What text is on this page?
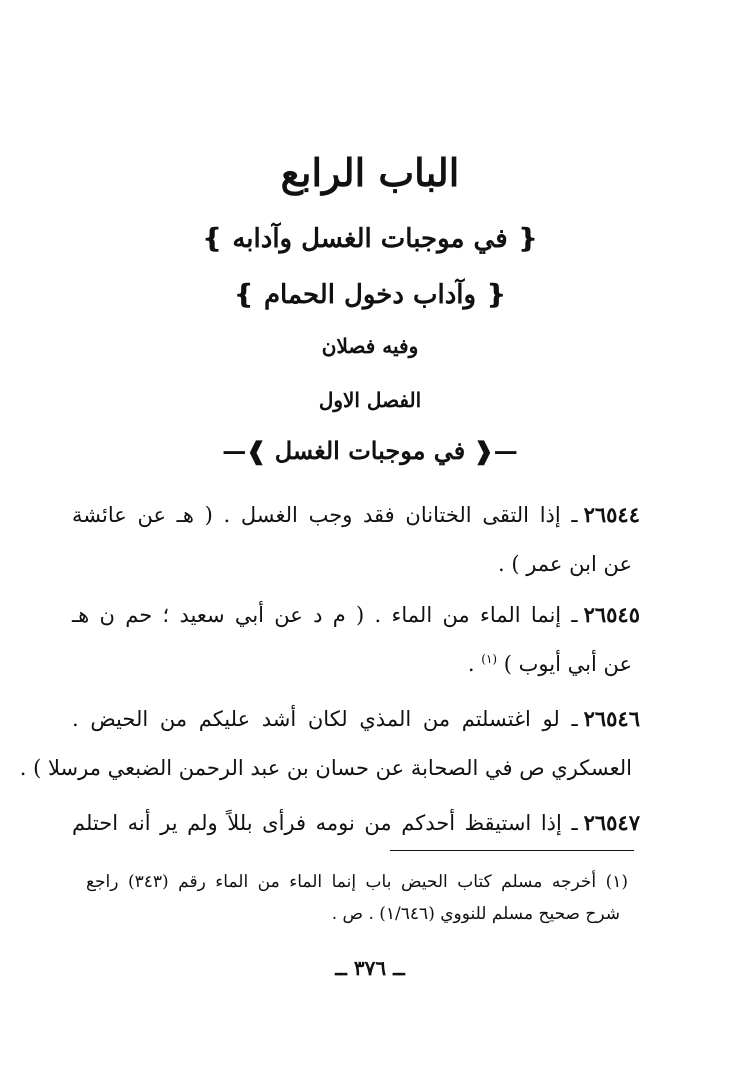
الباب الرابع
❴ في موجبات الغسل وآدابه ❵
❴ وآداب دخول الحمام ❵
وفيه فصلان
الفصل الاول
—❰ في موجبات الغسل ❱—
٢٦٥٤٤ـ إذا التقى الختانان فقد وجب الغسل . ( هـ عن عائشة
عن ابن عمر ) .
٢٦٥٤٥ـ إنما الماء من الماء . ( م د عن أبي سعيد ؛ حم ن هـ
عن أبي أيوب ) $^{(١)}$ .
٢٦٥٤٦ـ لو اغتسلتم من المذي لكان أشد عليكم من الحيض .
العسكري ص في الصحابة عن حسان بن عبد الرحمن الضبعي مرسلا ) .
٢٦٥٤٧ـ إذا استيقظ أحدكم من نومه فرأى بللاً ولم ير أنه احتلم
(١) أخرجه مسلم كتاب الحيض باب إنما الماء من الماء رقم (٣٤٣) راجع
شرح صحيح مسلم للنووي (١/٦٤٦) . ص .
ــ ٣٧٦ ــ
